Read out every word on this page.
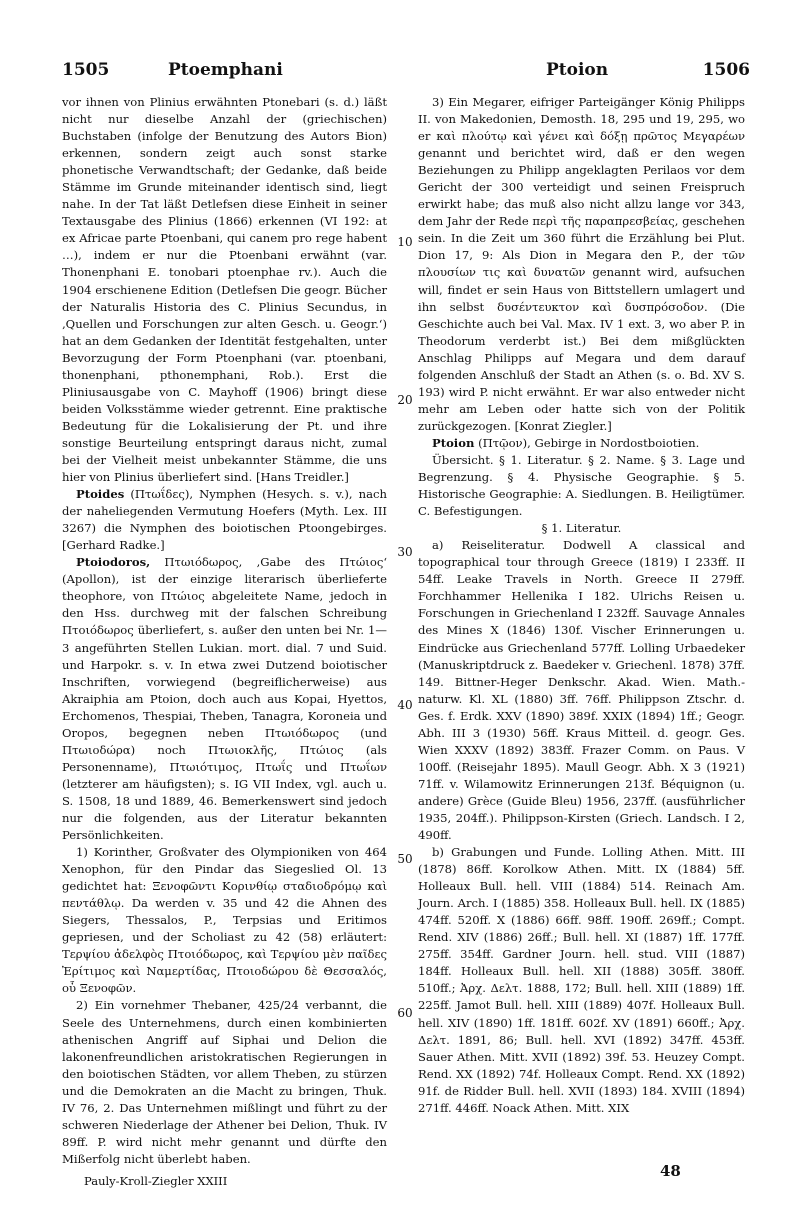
1505	Ptoemphani	Ptoion	1506

vor ihnen von Plinius erwähnten Ptonebari (s. d.) läßt nicht nur dieselbe Anzahl der (griechischen) Buchstaben (infolge der Benutzung des Autors Bion) erkennen, sondern zeigt auch sonst starke phonetische Verwandtschaft; der Gedanke, daß beide Stämme im Grunde miteinander identisch sind, liegt nahe. In der Tat läßt Detlefsen diese Einheit in seiner Textausgabe des Plinius (1866) erkennen (VI 192: at ex Africae parte Ptoenbani, qui canem pro rege habent …), indem er nur die Ptoenbani erwähnt (var. Thonenphani E. tonobari ptoenphae rv.). Auch die 1904 erschienene Edition (Detlefsen Die geogr. Bücher der Naturalis Historia des C. Plinius Secundus, in ‚Quellen und Forschungen zur alten Gesch. u. Geogr.‘) hat an dem Gedanken der Identität festgehalten, unter Bevorzugung der Form Ptoenphani (var. ptoenbani, thonenphani, pthonemphani, Rob.). Erst die Pliniusausgabe von C. Mayhoff (1906) bringt diese beiden Volksstämme wieder getrennt. Eine praktische Bedeutung für die Lokalisierung der Pt. und ihre sonstige Beurteilung entspringt daraus nicht, zumal bei der Vielheit meist unbekannter Stämme, die uns hier von Plinius überliefert sind. [Hans Treidler.]

Ptoides (Πτωΐδες), Nymphen (Hesych. s. v.), nach der naheliegenden Vermutung Hoefers (Myth. Lex. III 3267) die Nymphen des boiotischen Ptoongebirges. [Gerhard Radke.]

Ptoiodoros, Πτωιόδωρος, ‚Gabe des Πτώιος‘ (Apollon), ist der einzige literarisch überlieferte theophore, von Πτώιος abgeleitete Name, jedoch in den Hss. durchweg mit der falschen Schreibung Πτοιόδωρος überliefert, s. außer den unten bei Nr. 1—3 angeführten Stellen Lukian. mort. dial. 7 und Suid. und Harpokr. s. v. In etwa zwei Dutzend boiotischer Inschriften, vorwiegend (begreiflicherweise) aus Akraiphia am Ptoion, doch auch aus Kopai, Hyettos, Erchomenos, Thespiai, Theben, Tanagra, Koroneia und Oropos, begegnen neben Πτωιόδωρος (und Πτωιοδώρα) noch Πτωιοκλῆς, Πτώιος (als Personenname), Πτωιότιμος, Πτωΐς und Πτωΐων (letzterer am häufigsten); s. IG VII Index, vgl. auch u. S. 1508, 18 und 1889, 46. Bemerkenswert sind jedoch nur die folgenden, aus der Literatur bekannten Persönlichkeiten.

1) Korinther, Großvater des Olympioniken von 464 Xenophon, für den Pindar das Siegeslied Ol. 13 gedichtet hat: Ξενοφῶντι Κορινθίῳ σταδιοδρόμῳ καὶ πεντάθλῳ. Da werden v. 35 und 42 die Ahnen des Siegers, Thessalos, P., Terpsias und Eritimos gepriesen, und der Scholiast zu 42 (58) erläutert: Τερψίου ἀδελφὸς Πτοιόδωρος, καὶ Τερψίου μὲν παῖδες Ἐρίτιμος καὶ Ναμερτίδας, Πτοιοδώρου δὲ Θεσσαλός, οὗ Ξενοφῶν.

2) Ein vornehmer Thebaner, 425/24 verbannt, die Seele des Unternehmens, durch einen kombinierten athenischen Angriff auf Siphai und Delion die lakonenfreundlichen aristokratischen Regierungen in den boiotischen Städten, vor allem Theben, zu stürzen und die Demokraten an die Macht zu bringen, Thuk. IV 76, 2. Das Unternehmen mißlingt und führt zu der schweren Niederlage der Athener bei Delion, Thuk. IV 89ff. P. wird nicht mehr genannt und dürfte den Mißerfolg nicht überlebt haben.

10
20
30
40
50
60

3) Ein Megarer, eifriger Parteigänger König Philipps II. von Makedonien, Demosth. 18, 295 und 19, 295, wo er καὶ πλούτῳ καὶ γένει καὶ δόξῃ πρῶτος Μεγαρέων genannt und berichtet wird, daß er den wegen Beziehungen zu Philipp angeklagten Perilaos vor dem Gericht der 300 verteidigt und seinen Freispruch erwirkt habe; das muß also nicht allzu lange vor 343, dem Jahr der Rede περὶ τῆς παραπρεσβείας, geschehen sein. In die Zeit um 360 führt die Erzählung bei Plut. Dion 17, 9: Als Dion in Megara den P., der τῶν πλουσίων τις καὶ δυνατῶν genannt wird, aufsuchen will, findet er sein Haus von Bittstellern umlagert und ihn selbst δυσέντευκτον καὶ δυσπρόσοδον. (Die Geschichte auch bei Val. Max. IV 1 ext. 3, wo aber P. in Theodorum verderbt ist.) Bei dem mißglückten Anschlag Philipps auf Megara und dem darauf folgenden Anschluß der Stadt an Athen (s. o. Bd. XV S. 193) wird P. nicht erwähnt. Er war also entweder nicht mehr am Leben oder hatte sich von der Politik zurückgezogen. [Konrat Ziegler.]

Ptoion (Πτῷον), Gebirge in Nordostboiotien.

Übersicht. § 1. Literatur. § 2. Name. § 3. Lage und Begrenzung. § 4. Physische Geographie. § 5. Historische Geographie: A. Siedlungen. B. Heiligtümer. C. Befestigungen.

§ 1. Literatur.

a) Reiseliteratur. Dodwell A classical and topographical tour through Greece (1819) I 233ff. II 54ff. Leake Travels in North. Greece II 279ff. Forchhammer Hellenika I 182. Ulrichs Reisen u. Forschungen in Griechenland I 232ff. Sauvage Annales des Mines X (1846) 130f. Vischer Erinnerungen u. Eindrücke aus Griechenland 577ff. Lolling Urbaedeker (Manuskriptdruck z. Baedeker v. Griechenl. 1878) 37ff. 149. Bittner-Heger Denkschr. Akad. Wien. Math.-naturw. Kl. XL (1880) 3ff. 76ff. Philippson Ztschr. d. Ges. f. Erdk. XXV (1890) 389f. XXIX (1894) 1ff.; Geogr. Abh. III 3 (1930) 56ff. Kraus Mitteil. d. geogr. Ges. Wien XXXV (1892) 383ff. Frazer Comm. on Paus. V 100ff. (Reisejahr 1895). Maull Geogr. Abh. X 3 (1921) 71ff. v. Wilamowitz Erinnerungen 213f. Béquignon (u. andere) Grèce (Guide Bleu) 1956, 237ff. (ausführlicher 1935, 204ff.). Philippson-Kirsten (Griech. Landsch. I 2, 490ff.

b) Grabungen und Funde. Lolling Athen. Mitt. III (1878) 86ff. Korolkow Athen. Mitt. IX (1884) 5ff. Holleaux Bull. hell. VIII (1884) 514. Reinach Am. Journ. Arch. I (1885) 358. Holleaux Bull. hell. IX (1885) 474ff. 520ff. X (1886) 66ff. 98ff. 190ff. 269ff.; Compt. Rend. XIV (1886) 26ff.; Bull. hell. XI (1887) 1ff. 177ff. 275ff. 354ff. Gardner Journ. hell. stud. VIII (1887) 184ff. Holleaux Bull. hell. XII (1888) 305ff. 380ff. 510ff.; Ἀρχ. Δελτ. 1888, 172; Bull. hell. XIII (1889) 1ff. 225ff. Jamot Bull. hell. XIII (1889) 407f. Holleaux Bull. hell. XIV (1890) 1ff. 181ff. 602f. XV (1891) 660ff.; Ἀρχ. Δελτ. 1891, 86; Bull. hell. XVI (1892) 347ff. 453ff. Sauer Athen. Mitt. XVII (1892) 39f. 53. Heuzey Compt. Rend. XX (1892) 74f. Holleaux Compt. Rend. XX (1892) 91f. de Ridder Bull. hell. XVII (1893) 184. XVIII (1894) 271ff. 446ff. Noack Athen. Mitt. XIX

Pauly-Kroll-Ziegler XXIII
48
